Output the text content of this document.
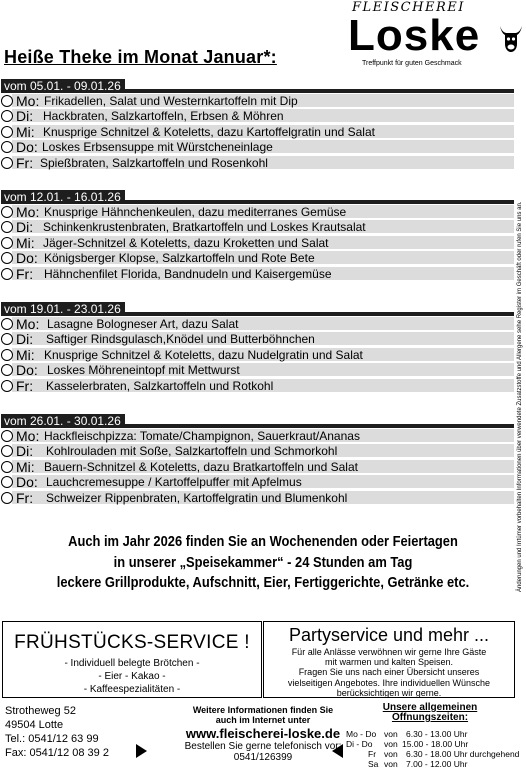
FLEISCHEREI
Loske
Treffpunkt für guten Geschmack
Heiße Theke im Monat Januar*:
vom 05.01. - 09.01.26
Mo: Frikadellen, Salat und Westernkartoffeln mit Dip
Di: Hackbraten, Salzkartoffeln, Erbsen & Möhren
Mi: Knusprige Schnitzel & Koteletts, dazu Kartoffelgratin und Salat
Do: Loskes Erbsensuppe mit Würstcheneinlage
Fr: Spießbraten, Salzkartoffeln und Rosenkohl
vom 12.01. - 16.01.26
Mo: Knusprige Hähnchenkeulen, dazu mediterranes Gemüse
Di: Schinkenkrustenbraten, Bratkartoffeln und Loskes Krautsalat
Mi: Jäger-Schnitzel & Koteletts, dazu Kroketten und Salat
Do: Königsberger Klopse, Salzkartoffeln und Rote Bete
Fr: Hähnchenfilet Florida, Bandnudeln und Kaisergemüse
vom 19.01. - 23.01.26
Mo: Lasagne Bologneser Art, dazu Salat
Di: Saftiger Rindsgulasch,Knödel und Butterböhnchen
Mi: Knusprige Schnitzel & Koteletts, dazu Nudelgratin und Salat
Do: Loskes Möhreneintopf mit Mettwurst
Fr: Kasselerbraten, Salzkartoffeln und Rotkohl
vom 26.01. - 30.01.26
Mo: Hackfleischpizza: Tomate/Champignon, Sauerkraut/Ananas
Di: Kohlrouladen mit Soße, Salzkartoffeln und Schmorkohl
Mi: Bauern-Schnitzel & Koteletts, dazu Bratkartoffeln und Salat
Do: Lauchcremesuppe / Kartoffelpuffer mit Apfelmus
Fr: Schweizer Rippenbraten, Kartoffelgratin und Blumenkohl	Änderungen und Irrtümer vorbehalten Informationen über verwendete Zusatzstoffe und Allergene sehe Register im Geschäft oder rufen Sie uns an.
Auch im Jahr 2026 finden Sie an Wochenenden oder Feiertagen
in unserer „Speisekammer“ - 24 Stunden am Tag
leckere Grillprodukte, Aufschnitt, Eier, Fertiggerichte, Getränke etc.
FRÜHSTÜCKS-SERVICE !
- Individuell belegte Brötchen -
- Eier - Kakao -
- Kaffeespezialitäten -
Partyservice und mehr ...
Für alle Anlässe verwöhnen wir gerne Ihre Gäste
mit warmen und kalten Speisen.
Fragen Sie uns nach einer Übersicht unseres
vielseitigen Angebotes. Ihre individuellen Wünsche
berücksichtigen wir gerne.
Strotheweg 52
49504 Lotte
Tel.: 0541/12 63 99
Fax: 0541/12 08 39 2
Weitere Informationen finden Sie
auch im Internet unter
www.fleischerei-loske.de
Bestellen Sie gerne telefonisch vor:
0541/126399
Unsere allgemeinen
Öffnungszeiten:
Mo - Do von 6.30 - 13.00 Uhr
Di - Do von 15.00 - 18.00 Uhr
Fr von 6.30 - 18.00 Uhr durchgehend
Sa von 7.00 - 12.00 Uhr
